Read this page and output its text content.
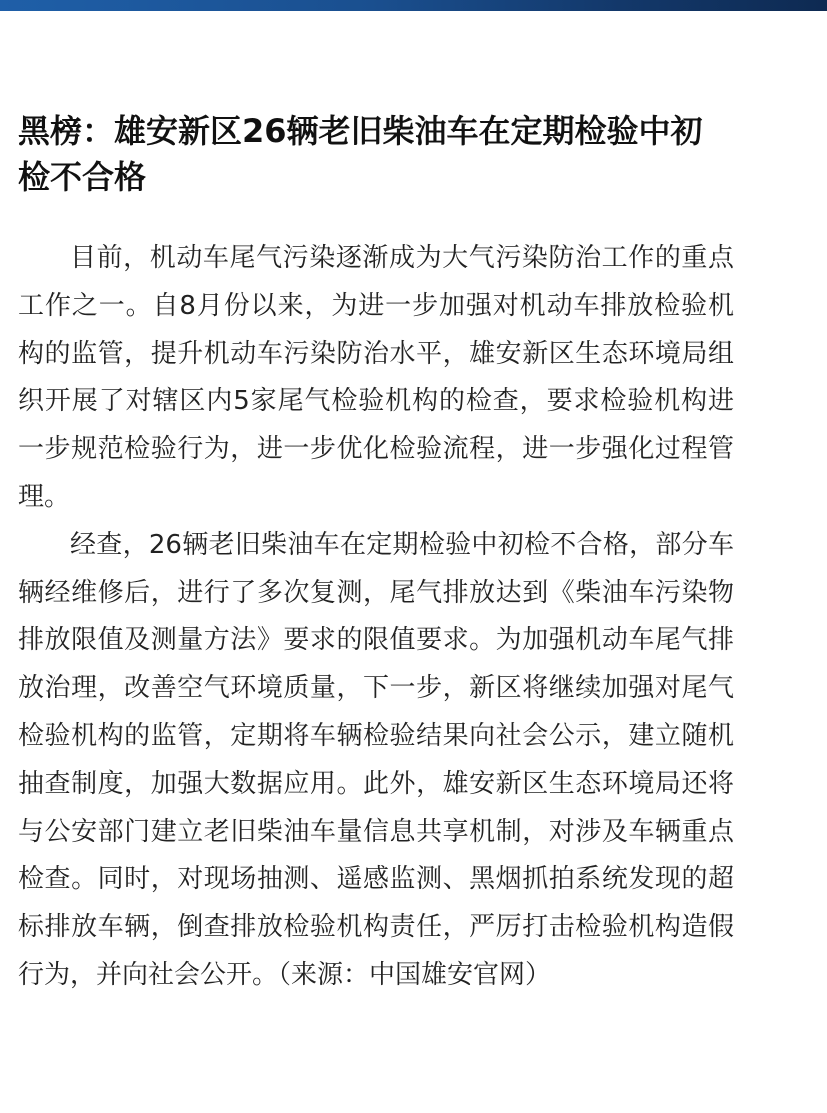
黑榜：雄安新区26辆老旧柴油车在定期检验中初检不合格

目前，机动车尾气污染逐渐成为大气污染防治工作的重点工作之一。自8月份以来，为进一步加强对机动车排放检验机构的监管，提升机动车污染防治水平，雄安新区生态环境局组织开展了对辖区内5家尾气检验机构的检查，要求检验机构进一步规范检验行为，进一步优化检验流程，进一步强化过程管理。

经查，26辆老旧柴油车在定期检验中初检不合格，部分车辆经维修后，进行了多次复测，尾气排放达到《柴油车污染物排放限值及测量方法》要求的限值要求。为加强机动车尾气排放治理，改善空气环境质量，下一步，新区将继续加强对尾气检验机构的监管，定期将车辆检验结果向社会公示，建立随机抽查制度，加强大数据应用。此外，雄安新区生态环境局还将与公安部门建立老旧柴油车量信息共享机制，对涉及车辆重点检查。同时，对现场抽测、遥感监测、黑烟抓拍系统发现的超标排放车辆，倒查排放检验机构责任，严厉打击检验机构造假行为，并向社会公开。（来源：中国雄安官网）
